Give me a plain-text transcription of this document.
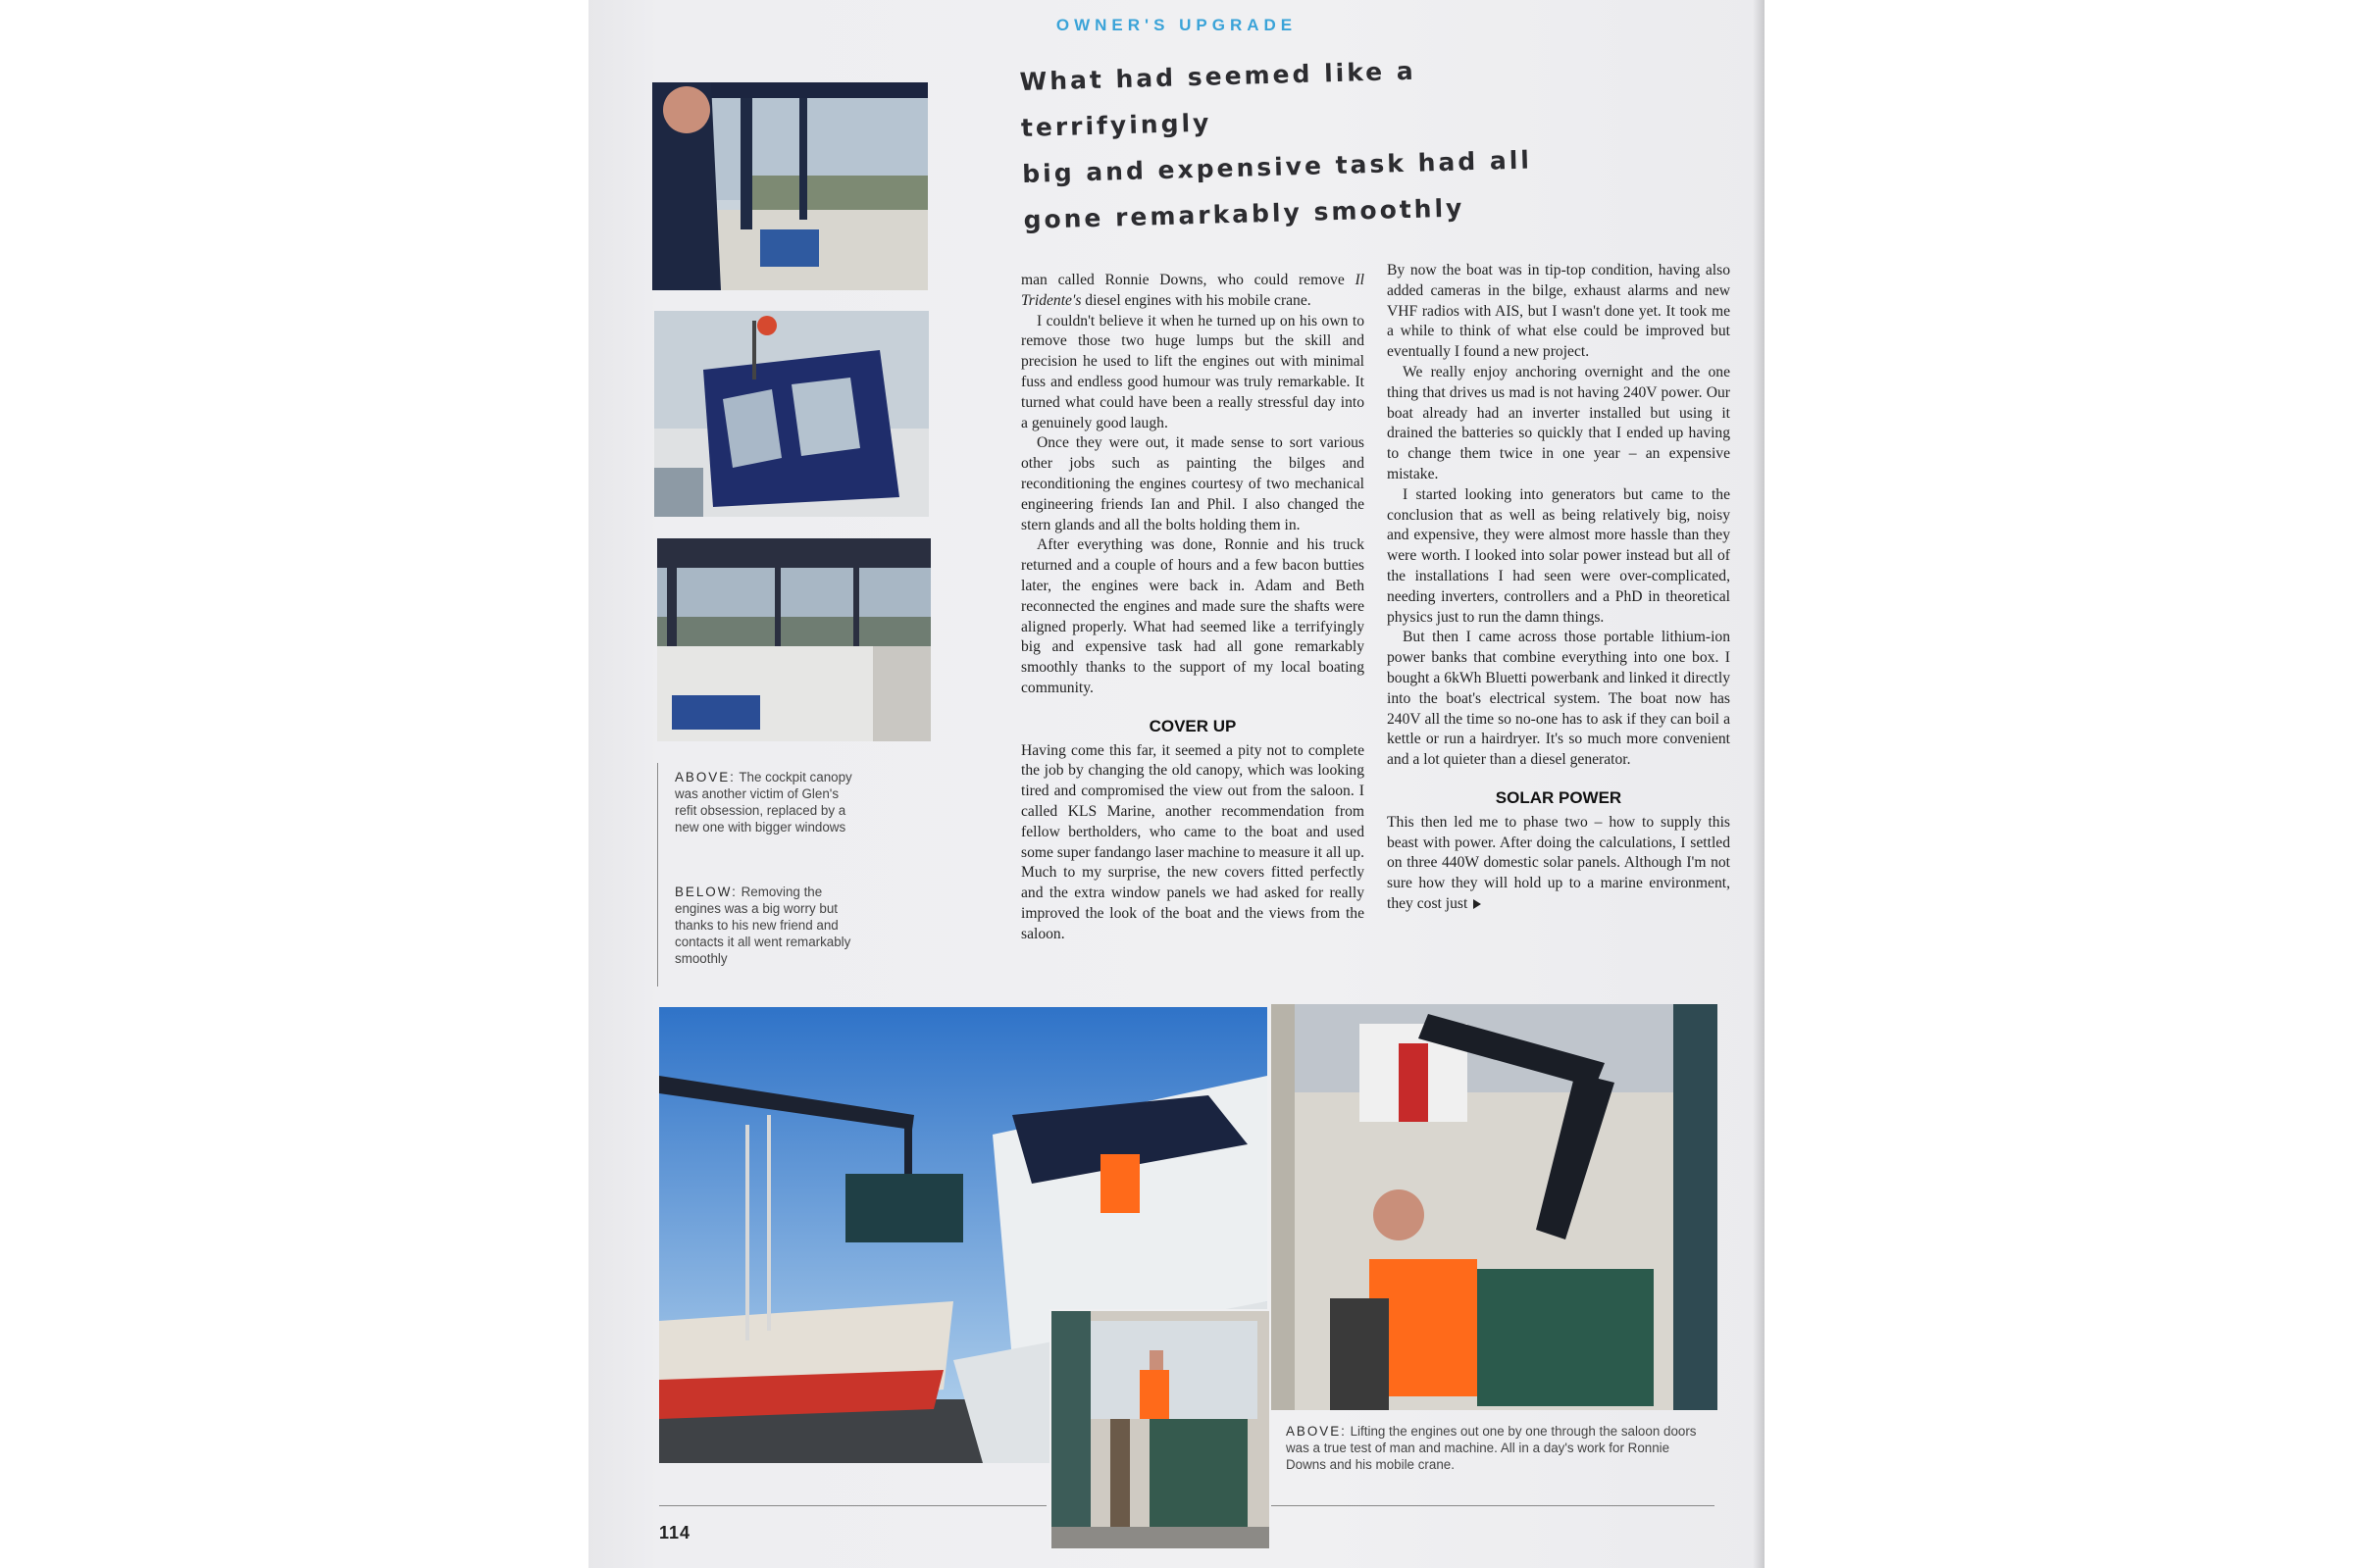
OWNER'S UPGRADE
ABOVE: The cockpit canopy was another victim of Glen's refit obsession, replaced by a new one with bigger windows
BELOW: Removing the engines was a big worry but thanks to his new friend and contacts it all went remarkably smoothly
What had seemed like a terrifyingly
big and expensive task had all
gone remarkably smoothly

man called Ronnie Downs, who could remove Il Tridente's diesel engines with his mobile crane.

I couldn't believe it when he turned up on his own to remove those two huge lumps but the skill and precision he used to lift the engines out with minimal fuss and endless good humour was truly remarkable. It turned what could have been a really stressful day into a genuinely good laugh.

Once they were out, it made sense to sort various other jobs such as painting the bilges and reconditioning the engines courtesy of two mechanical engineering friends Ian and Phil. I also changed the stern glands and all the bolts holding them in.

After everything was done, Ronnie and his truck returned and a couple of hours and a few bacon butties later, the engines were back in. Adam and Beth reconnected the engines and made sure the shafts were aligned properly. What had seemed like a terrifyingly big and expensive task had all gone remarkably smoothly thanks to the support of my local boating community.

COVER UP

Having come this far, it seemed a pity not to complete the job by changing the old canopy, which was looking tired and compromised the view out from the saloon. I called KLS Marine, another recommendation from fellow bertholders, who came to the boat and used some super fandango laser machine to measure it all up. Much to my surprise, the new covers fitted perfectly and the extra window panels we had asked for really improved the look of the boat and the views from the saloon.

By now the boat was in tip-top condition, having also added cameras in the bilge, exhaust alarms and new VHF radios with AIS, but I wasn't done yet. It took me a while to think of what else could be improved but eventually I found a new project.

We really enjoy anchoring overnight and the one thing that drives us mad is not having 240V power. Our boat already had an inverter installed but using it drained the batteries so quickly that I ended up having to change them twice in one year – an expensive mistake.

I started looking into generators but came to the conclusion that as well as being relatively big, noisy and expensive, they were almost more hassle than they were worth. I looked into solar power instead but all of the installations I had seen were over-complicated, needing inverters, controllers and a PhD in theoretical physics just to run the damn things.

But then I came across those portable lithium-ion power banks that combine everything into one box. I bought a 6kWh Bluetti powerbank and linked it directly into the boat's electrical system. The boat now has 240V all the time so no-one has to ask if they can boil a kettle or run a hairdryer. It's so much more convenient and a lot quieter than a diesel generator.

SOLAR POWER

This then led me to phase two – how to supply this beast with power. After doing the calculations, I settled on three 440W domestic solar panels. Although I'm not sure how they will hold up to a marine environment, they cost just

ABOVE: Lifting the engines out one by one through the saloon doors was a true test of man and machine. All in a day's work for Ronnie Downs and his mobile crane.
114
